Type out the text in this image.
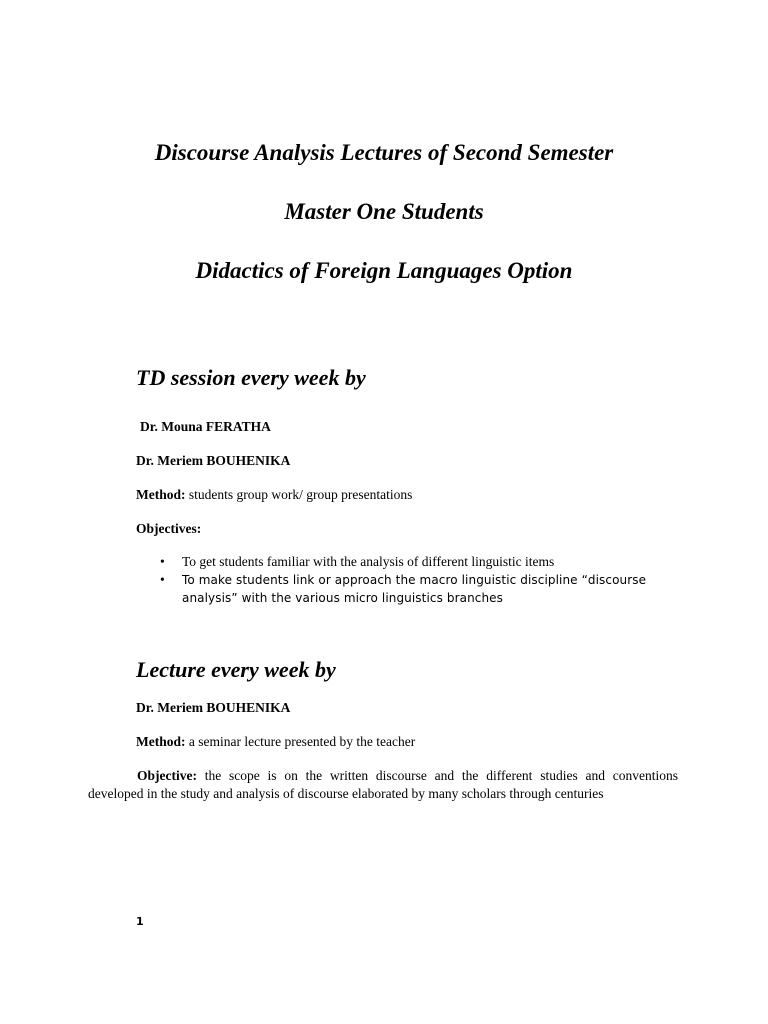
Discourse Analysis Lectures of Second Semester
Master One Students
Didactics of Foreign Languages Option
TD session every week by

Dr. Mouna FERATHA

Dr. Meriem BOUHENIKA

Method: students group work/ group presentations

Objectives:

• To get students familiar with the analysis of different linguistic items
• To make students link or approach the macro linguistic discipline “discourse analysis” with the various micro linguistics branches
Lecture every week by

Dr. Meriem BOUHENIKA

Method: a seminar lecture presented by the teacher

Objective: the scope is on the written discourse and the different studies and conventions developed in the study and analysis of discourse elaborated by many scholars through centuries

1
